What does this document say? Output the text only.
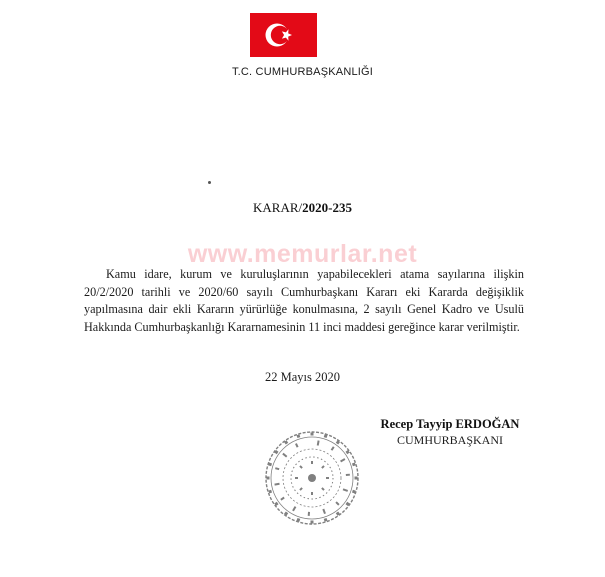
T.C. CUMHURBAŞKANLIĞI
KARAR/2020-235
www.memurlar.net
Kamu idare, kurum ve kuruluşlarının yapabilecekleri atama sayılarına ilişkin 20/2/2020 tarihli ve 2020/60 sayılı Cumhurbaşkanı Kararı eki Kararda değişiklik yapılmasına dair ekli Kararın yürürlüğe konulmasına, 2 sayılı Genel Kadro ve Usulü Hakkında Cumhurbaşkanlığı Kararnamesinin 11 inci maddesi gereğince karar verilmiştir.
22 Mayıs 2020
Recep Tayyip ERDOĞAN
CUMHURBAŞKANI
